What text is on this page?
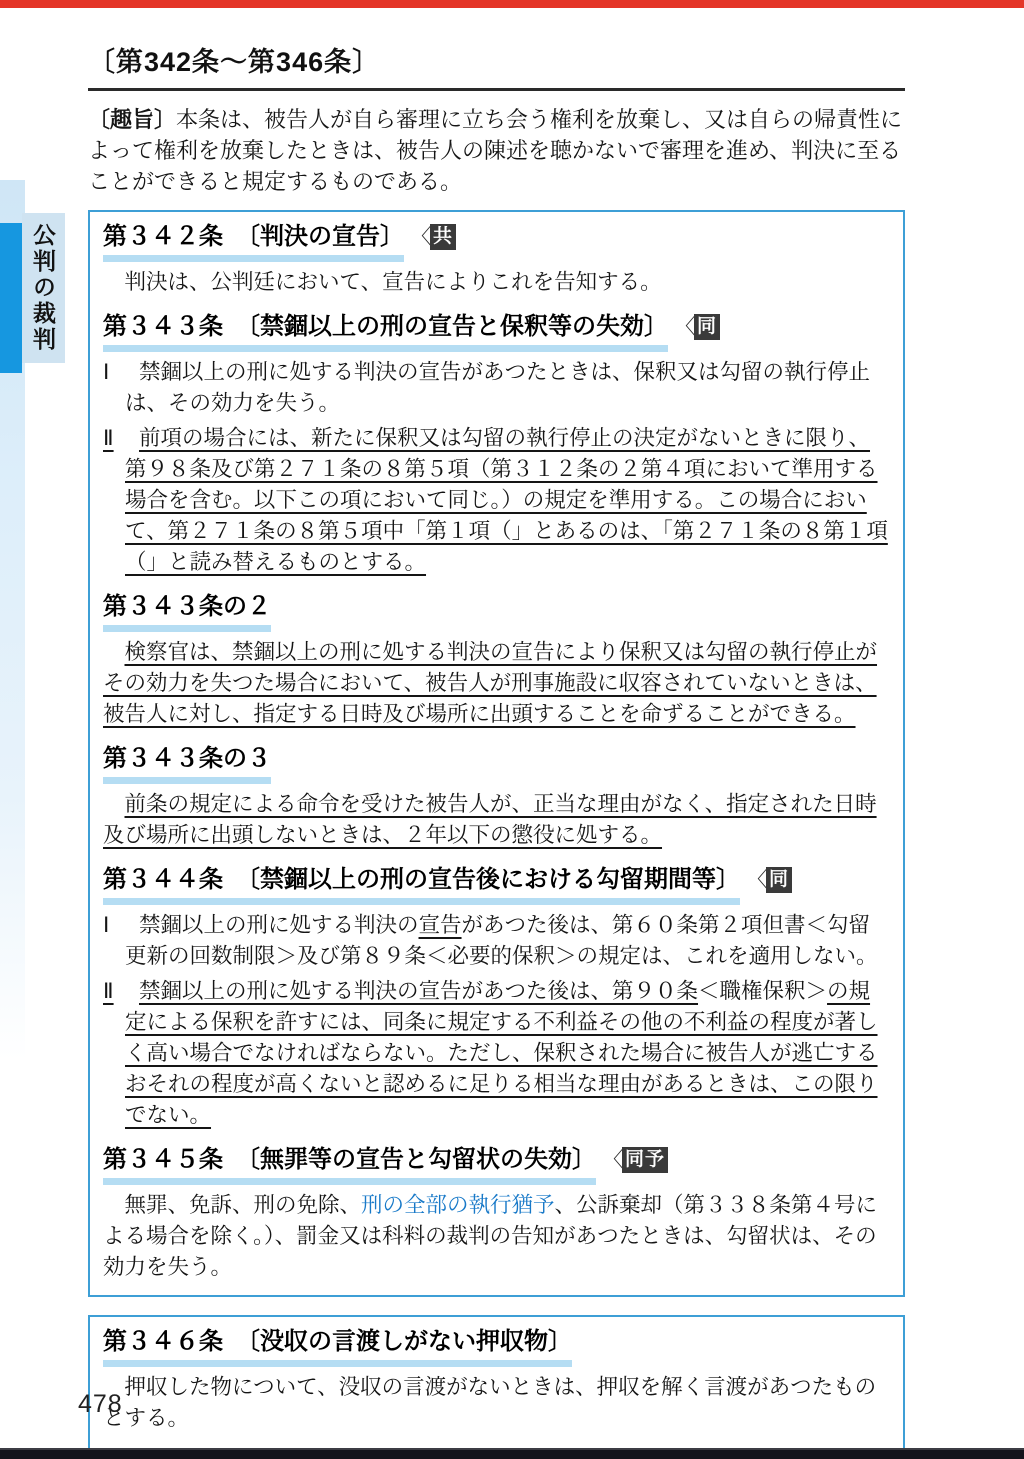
公判の裁判
〔第342条～第346条〕
〔趣旨〕本条は、被告人が自ら審理に立ち会う権利を放棄し、又は自らの帰責性によって権利を放棄したときは、被告人の陳述を聴かないで審理を進め、判決に至ることができると規定するものである。
第３４２条 〔判決の宣告〕 〈 共

判決は、公判廷において、宣告によりこれを告知する。

第３４３条 〔禁錮以上の刑の宣告と保釈等の失効〕 〈 同
Ⅰ 禁錮以上の刑に処する判決の宣告があつたときは、保釈又は勾留の執行停止は、その効力を失う。
Ⅱ 前項の場合には、新たに保釈又は勾留の執行停止の決定がないときに限り、第９８条及び第２７１条の８第５項（第３１２条の２第４項において準用する場合を含む。以下この項において同じ。）の規定を準用する。この場合において、第２７１条の８第５項中「第１項（」とあるのは、「第２７１条の８第１項（」と読み替えるものとする。
第３４３条の２

検察官は、禁錮以上の刑に処する判決の宣告により保釈又は勾留の執行停止がその効力を失つた場合において、被告人が刑事施設に収容されていないときは、被告人に対し、指定する日時及び場所に出頭することを命ずることができる。

第３４３条の３

前条の規定による命令を受けた被告人が、正当な理由がなく、指定された日時及び場所に出頭しないときは、２年以下の懲役に処する。

第３４４条 〔禁錮以上の刑の宣告後における勾留期間等〕 〈 同
Ⅰ 禁錮以上の刑に処する判決の宣告があつた後は、第６０条第２項但書＜勾留更新の回数制限＞及び第８９条＜必要的保釈＞の規定は、これを適用しない。
Ⅱ 禁錮以上の刑に処する判決の宣告があつた後は、第９０条＜職権保釈＞の規定による保釈を許すには、同条に規定する不利益その他の不利益の程度が著しく高い場合でなければならない。ただし、保釈された場合に被告人が逃亡するおそれの程度が高くないと認めるに足りる相当な理由があるときは、この限りでない。
第３４５条 〔無罪等の宣告と勾留状の失効〕 〈 同予

無罪、免訴、刑の免除、刑の全部の執行猶予、公訴棄却（第３３８条第４号による場合を除く。）、罰金又は科料の裁判の告知があつたときは、勾留状は、その効力を失う。

第３４６条 〔没収の言渡しがない押収物〕

押収した物について、没収の言渡がないときは、押収を解く言渡があつたものとする。

478
